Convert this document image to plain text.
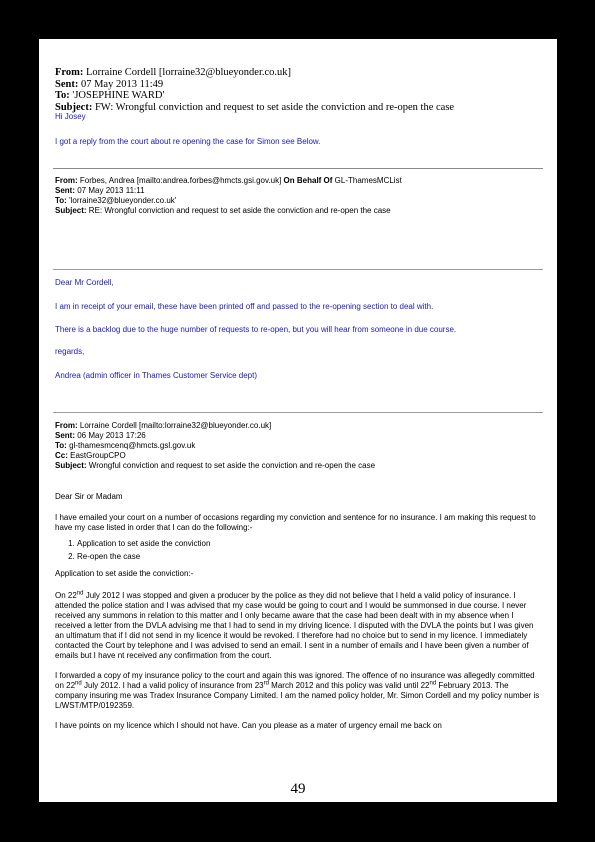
From: Lorraine Cordell [lorraine32@blueyonder.co.uk]
Sent: 07 May 2013 11:49
To: 'JOSEPHINE WARD'
Subject: FW: Wrongful conviction and request to set aside the conviction and re-open the case

Hi Josey

I got a reply from the court about re opening the case for Simon see Below.

From: Forbes, Andrea [mailto:andrea.forbes@hmcts.gsi.gov.uk] On Behalf Of GL-ThamesMCList
Sent: 07 May 2013 11:11
To: 'lorraine32@blueyonder.co.uk'
Subject: RE: Wrongful conviction and request to set aside the conviction and re-open the case

Dear Mr Cordell,

I am in receipt of your email, these have been printed off and passed to the re-opening section to deal with.

There is a backlog due to the huge number of requests to re-open, but you will hear from someone in due course.

regards,

Andrea (admin officer in Thames Customer Service dept)

From: Lorraine Cordell [mailto:lorraine32@blueyonder.co.uk]
Sent: 06 May 2013 17:26
To: gl-thamesmcenq@hmcts.gsl.gov.uk
Cc: EastGroupCPO
Subject: Wrongful conviction and request to set aside the conviction and re-open the case

Dear Sir or Madam

I have emailed your court on a number of occasions regarding my conviction and sentence for no insurance. I am making this request to have my case listed in order that I can do the following:-

1. Application to set aside the conviction
2. Re-open the case

Application to set aside the conviction:-

On 22nd July 2012 I was stopped and given a producer by the police as they did not believe that I held a valid policy of insurance. I attended the police station and I was advised that my case would be going to court and I would be summonsed in due course. I never received any summons in relation to this matter and I only became aware that the case had been dealt with in my absence when I received a letter from the DVLA advising me that I had to send in my driving licence. I disputed with the DVLA the points but I was given an ultimatum that if I did not send in my licence it would be revoked. I therefore had no choice but to send in my licence. I immediately contacted the Court by telephone and I was advised to send an email. I sent in a number of emails and I have been given a number of emails but I have nt received any confirmation from the court.

I forwarded a copy of my insurance policy to the court and again this was ignored. The offence of no insurance was allegedly committed on 22nd July 2012. I had a valid policy of insurance from 23rd March 2012 and this policy was valid until 22nd February 2013. The company insuring me was Tradex Insurance Company Limited. I am the named policy holder, Mr. Simon Cordell and my policy number is L/WST/MTP/0192359.

I have points on my licence which I should not have. Can you please as a mater of urgency email me back on

49
